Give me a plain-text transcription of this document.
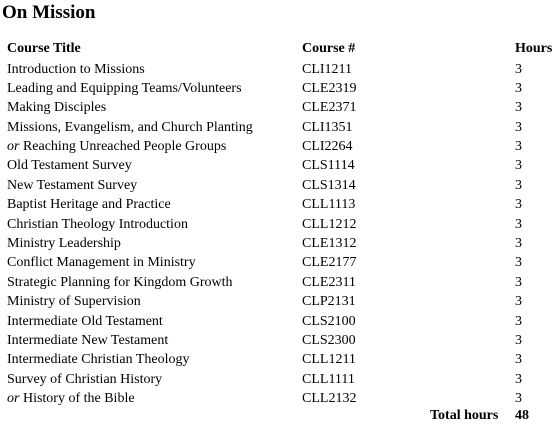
On Mission
Course Title	Course #	Hours
Introduction to Missions	CLI1211	3
Leading and Equipping Teams/Volunteers	CLE2319	3
Making Disciples	CLE2371	3
Missions, Evangelism, and Church Planting	CLI1351	3
or Reaching Unreached People Groups	CLI2264	3
Old Testament Survey	CLS1114	3
New Testament Survey	CLS1314	3
Baptist Heritage and Practice	CLL1113	3
Christian Theology Introduction	CLL1212	3
Ministry Leadership	CLE1312	3
Conflict Management in Ministry	CLE2177	3
Strategic Planning for Kingdom Growth	CLE2311	3
Ministry of Supervision	CLP2131	3
Intermediate Old Testament	CLS2100	3
Intermediate New Testament	CLS2300	3
Intermediate Christian Theology	CLL1211	3
Survey of Christian History	CLL1111	3
or History of the Bible	CLL2132	3
Total hours 48
